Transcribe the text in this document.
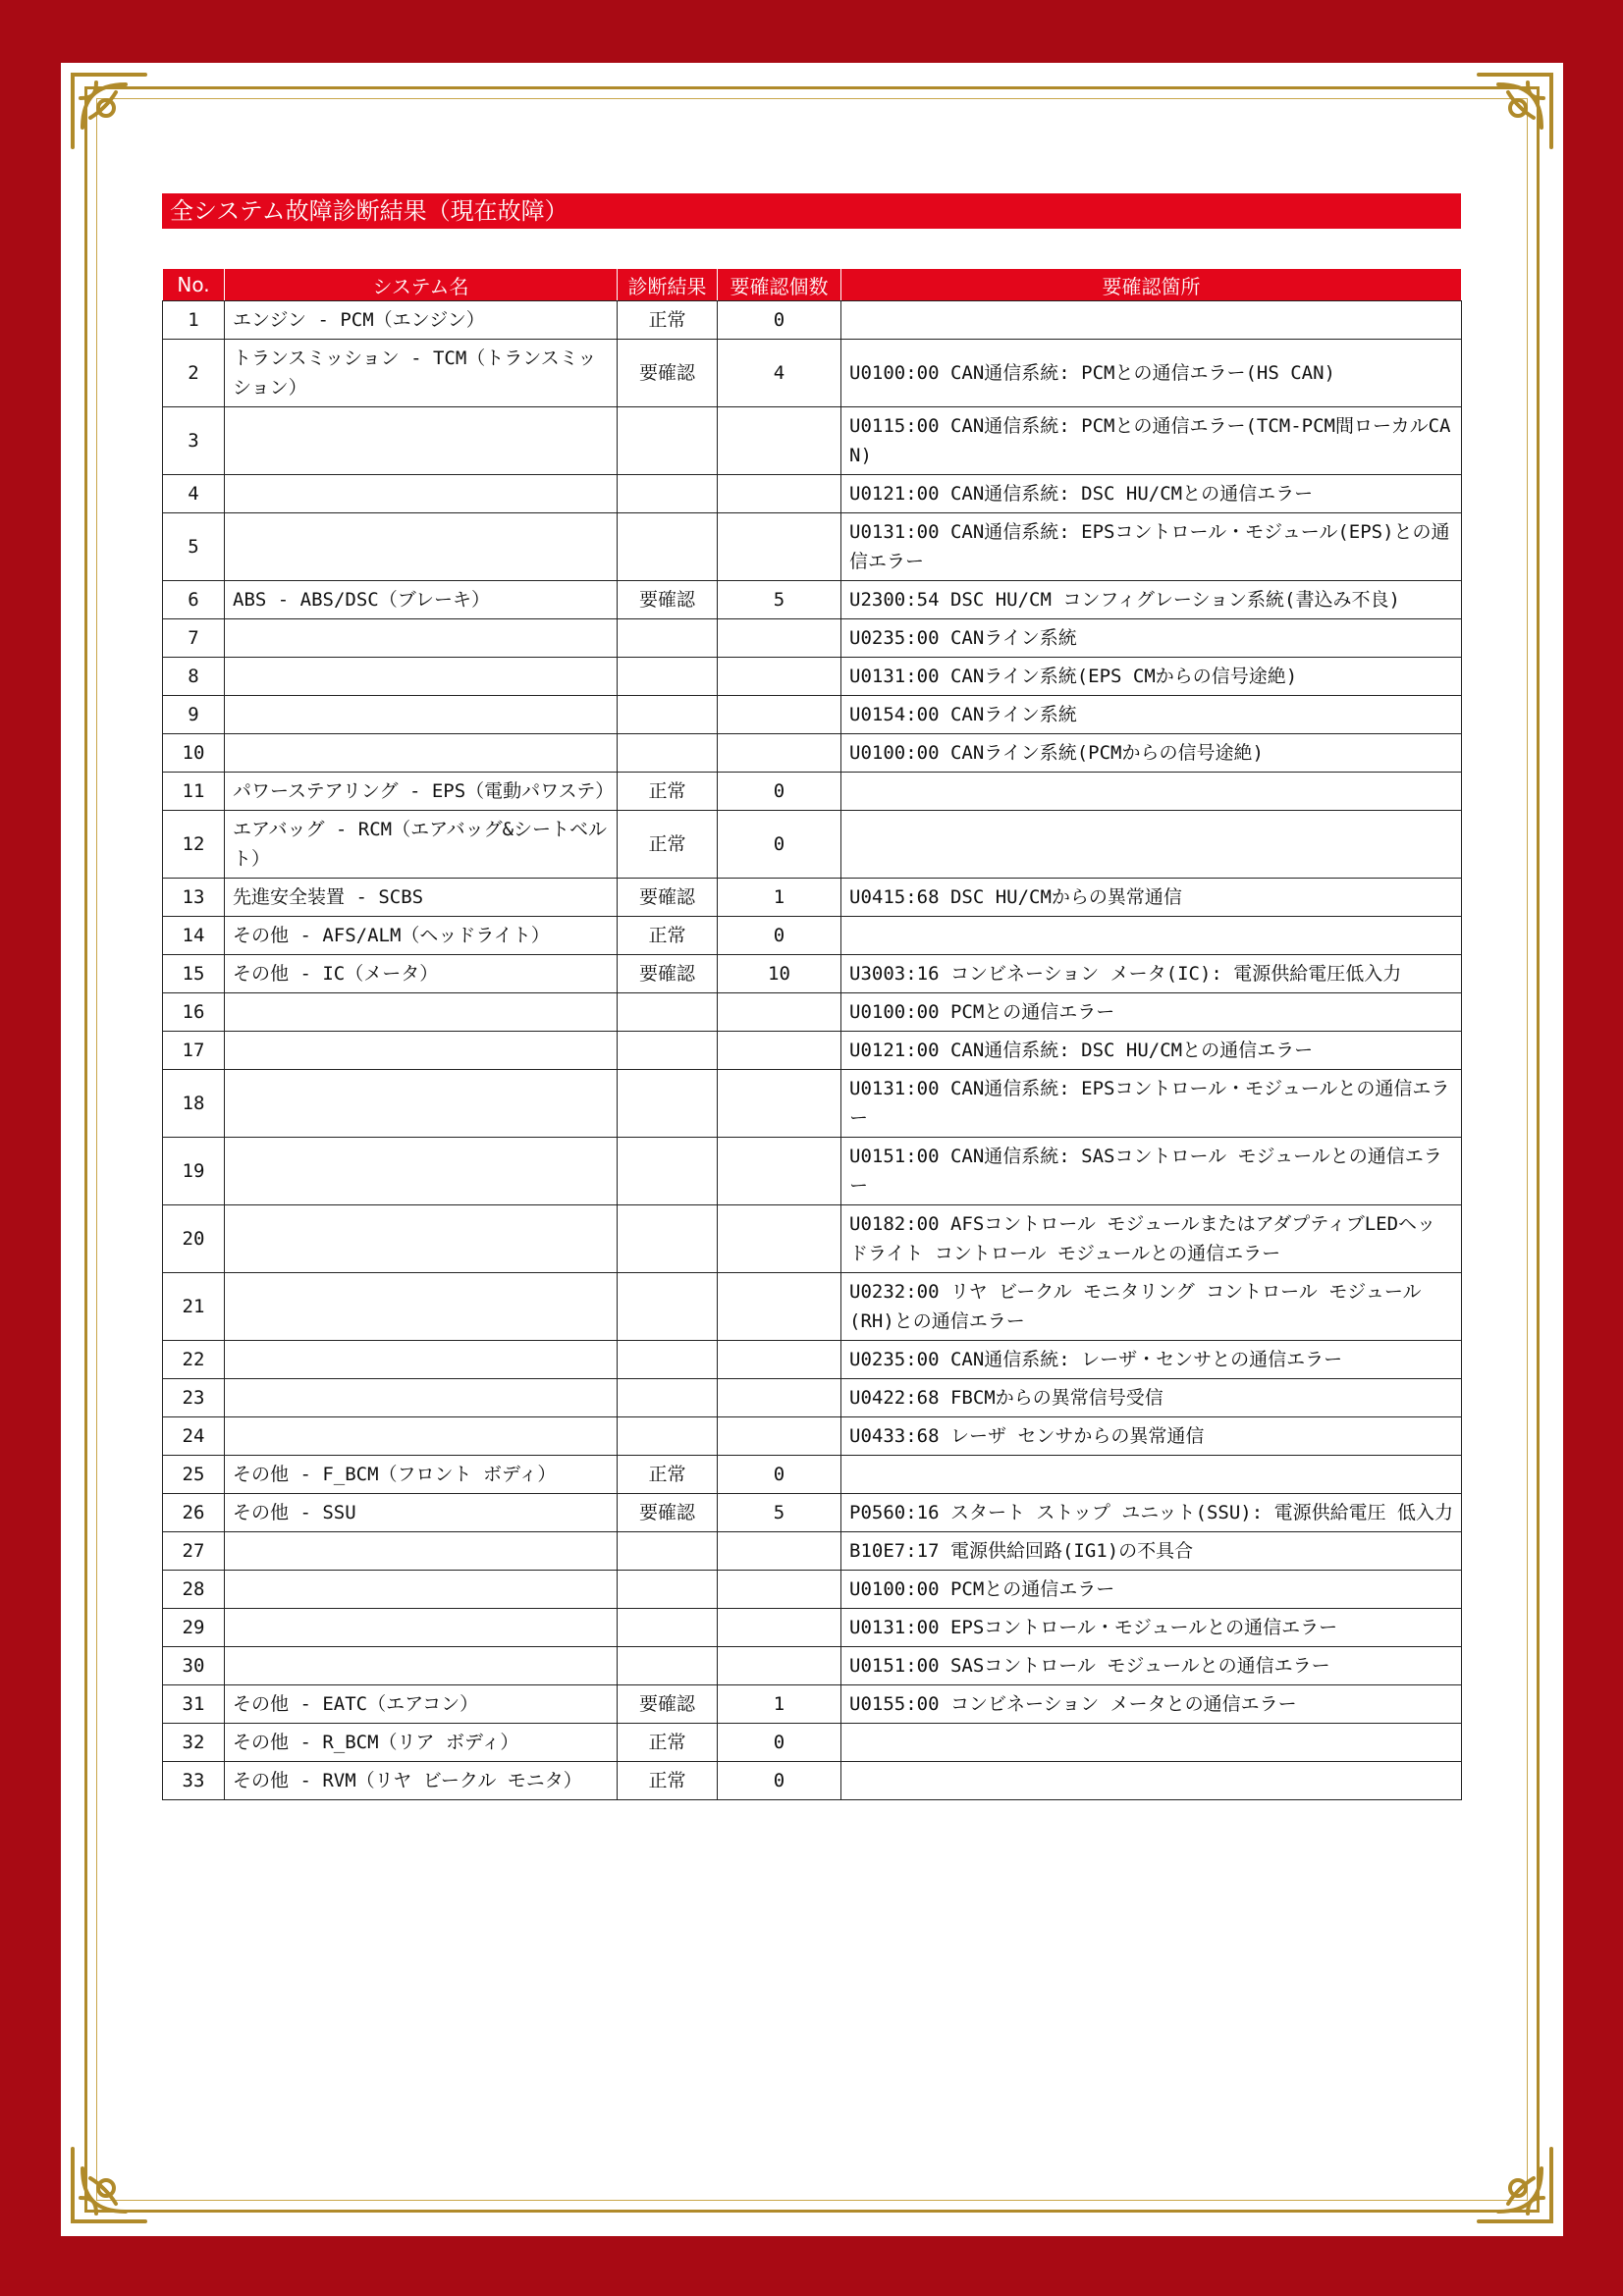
全システム故障診断結果（現在故障）
No.	システム名	診断結果	要確認個数	要確認箇所
1	エンジン - PCM（エンジン）	正常	0	
2	トランスミッション - TCM（トランスミッション）	要確認	4	U0100:00 CAN通信系統: PCMとの通信エラー(HS CAN)
3				U0115:00 CAN通信系統: PCMとの通信エラー(TCM-PCM間ローカルCAN)
4				U0121:00 CAN通信系統: DSC HU/CMとの通信エラー
5				U0131:00 CAN通信系統: EPSコントロール・モジュール(EPS)との通信エラー
6	ABS - ABS/DSC（ブレーキ）	要確認	5	U2300:54 DSC HU/CM コンフィグレーション系統(書込み不良)
7				U0235:00 CANライン系統
8				U0131:00 CANライン系統(EPS CMからの信号途絶)
9				U0154:00 CANライン系統
10				U0100:00 CANライン系統(PCMからの信号途絶)
11	パワーステアリング - EPS（電動パワステ）	正常	0	
12	エアバッグ - RCM（エアバッグ&シートベルト）	正常	0	
13	先進安全装置 - SCBS	要確認	1	U0415:68 DSC HU/CMからの異常通信
14	その他 - AFS/ALM（ヘッドライト）	正常	0	
15	その他 - IC（メータ）	要確認	10	U3003:16 コンビネーション メータ(IC): 電源供給電圧低入力
16				U0100:00 PCMとの通信エラー
17				U0121:00 CAN通信系統: DSC HU/CMとの通信エラー
18				U0131:00 CAN通信系統: EPSコントロール・モジュールとの通信エラー
19				U0151:00 CAN通信系統: SASコントロール モジュールとの通信エラー
20				U0182:00 AFSコントロール モジュールまたはアダプティブLEDヘッドライト コントロール モジュールとの通信エラー
21				U0232:00 リヤ ビークル モニタリング コントロール モジュール (RH)との通信エラー
22				U0235:00 CAN通信系統: レーザ・センサとの通信エラー
23				U0422:68 FBCMからの異常信号受信
24				U0433:68 レーザ センサからの異常通信
25	その他 - F_BCM（フロント ボディ）	正常	0	
26	その他 - SSU	要確認	5	P0560:16 スタート ストップ ユニット(SSU): 電源供給電圧 低入力
27				B10E7:17 電源供給回路(IG1)の不具合
28				U0100:00 PCMとの通信エラー
29				U0131:00 EPSコントロール・モジュールとの通信エラー
30				U0151:00 SASコントロール モジュールとの通信エラー
31	その他 - EATC（エアコン）	要確認	1	U0155:00 コンビネーション メータとの通信エラー
32	その他 - R_BCM（リア ボディ）	正常	0	
33	その他 - RVM（リヤ ビークル モニタ）	正常	0	
